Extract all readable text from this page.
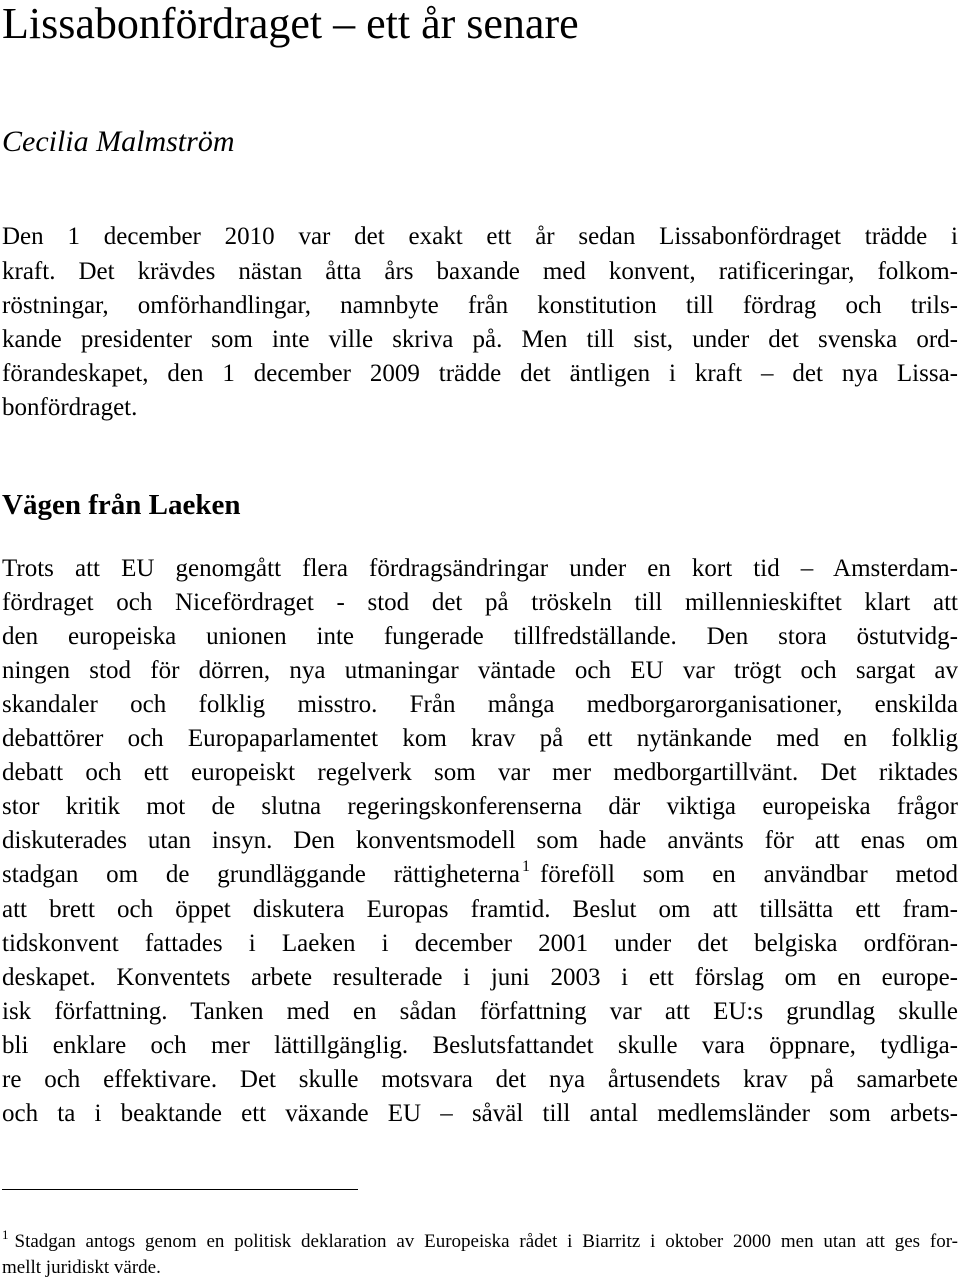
Lissabonfördraget – ett år senare
Cecilia Malmström
Den 1 december 2010 var det exakt ett år sedan Lissabonfördraget trädde i
kraft. Det krävdes nästan åtta års baxande med konvent, ratificeringar, folkom-
röstningar, omförhandlingar, namnbyte från konstitution till fördrag och trils-
kande presidenter som inte ville skriva på. Men till sist, under det svenska ord-
förandeskapet, den 1 december 2009 trädde det äntligen i kraft – det nya Lissa-
bonfördraget.
Vägen från Laeken
Trots att EU genomgått flera fördragsändringar under en kort tid – Amsterdam-
fördraget och Nicefördraget - stod det på tröskeln till millennieskiftet klart att
den europeiska unionen inte fungerade tillfredställande. Den stora östutvidg-
ningen stod för dörren, nya utmaningar väntade och EU var trögt och sargat av
skandaler och folklig misstro. Från många medborgarorganisationer, enskilda
debattörer och Europaparlamentet kom krav på ett nytänkande med en folklig
debatt och ett europeiskt regelverk som var mer medborgartillvänt. Det riktades
stor kritik mot de slutna regeringskonferenserna där viktiga europeiska frågor
diskuterades utan insyn. Den konventsmodell som hade använts för att enas om
stadgan om de grundläggande rättigheterna $^1$ föreföll som en användbar metod
att brett och öppet diskutera Europas framtid. Beslut om att tillsätta ett fram-
tidskonvent fattades i Laeken i december 2001 under det belgiska ordföran-
deskapet. Konventets arbete resulterade i juni 2003 i ett förslag om en europe-
isk författning. Tanken med en sådan författning var att EU:s grundlag skulle
bli enklare och mer lättillgänglig. Beslutsfattandet skulle vara öppnare, tydliga-
re och effektivare. Det skulle motsvara det nya årtusendets krav på samarbete
och ta i beaktande ett växande EU – såväl till antal medlemsländer som arbets-
$^1$ Stadgan antogs genom en politisk deklaration av Europeiska rådet i Biarritz i oktober 2000 men utan att ges for-
mellt juridiskt värde.
